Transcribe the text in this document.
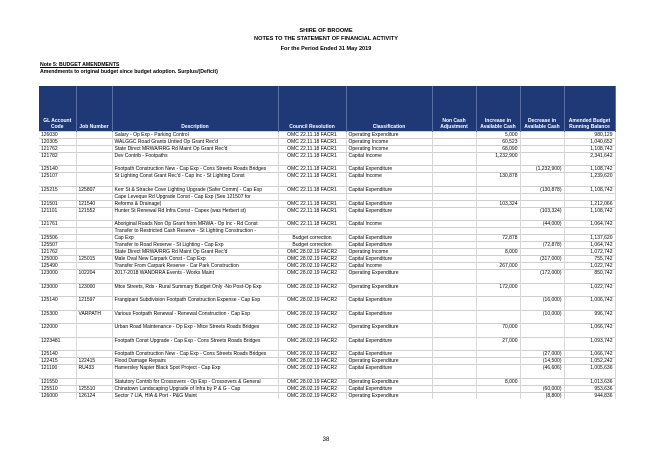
SHIRE OF BROOME
NOTES TO THE STATEMENT OF FINANCIAL ACTIVITY
For the Period Ended 31 May 2019
Note 5: BUDGET AMENDMENTS
Amendments to original budget since budget adoption. Surplus/(Deficit)
GL Account Code	Job Number	Description	Council Resolution	Classification	Non Cash Adjustment	Increase in Available Cash	Decrease in Available Cash	Amended Budget Running Balance
126030		Salary - Op Exp - Parking Control	OMC 22.11.18 FACR1	Operating Expenditure		5,000		980,129
120305		WALGGC Road Grants Untied Op Grant Rec'd	OMC 22.11.18 FACR1	Operating Income		60,523		1,040,652
121762		State Direct MRWA/RRG Rd Maint Op Grant Rec'd	OMC 22.11.18 FACR1	Operating Income		68,090		1,108,742
121782		Dev Contrib - Footpaths	OMC 22.11.18 FACR1	Capital Income		1,232,900		2,341,642

125140		Footpath Construction New - Cap Exp - Cons Streets Roads Bridges	OMC 22.11.18 FACR1	Capital Expenditure			(1,232,900)	1,108,742
125107		St Lighting Const Grant Rec'd - Cap Inc - St Lighting Const	OMC 22.11.18 FACR1	Capital Income		130,878		1,239,620

125215	125807	Kerr St & Stracke Cove Lighting Upgrade (Safer Comm) - Cap Exp	OMC 22.11.18 FACR1	Capital Expenditure			(130,878)	1,108,742
		Cape Leveque Rd Upgrade Const - Cap Exp (See 121507 for						
121501	121540	Reforms & Drainage)	OMC 22.11.18 FACR1	Capital Expenditure		103,324		1,212,066
121101	121552	Hunter St Renewal Rd Infra Const - Capex (was Herbert st)	OMC 22.11.18 FACR1	Capital Expenditure			(103,324)	1,108,742

121761		Aboriginal Roads Non Op Grant from MRWA - Op Inc - Rd Const	OMC 22.11.18 FACR1	Capital Income			(44,000)	1,064,742
		Transfer to Restricted Cash Reserve - St Lighting Construction -						
125506		Cap Exp	Budget correction	Capital Expenditure		72,878		1,137,620
125507		Transfer to Road Reserve - St Lighting - Cap Exp	Budget correction	Capital Expenditure			(72,878)	1,064,742
121762		State Direct MRWA/RRG Rd Maint Op Grant Rec'd	OMC 28.02.19 FACR2	Operating Income		8,000		1,072,742
125000	125015	Male Oval New Carpark Const - Cap Exp	OMC 28.02.19 FACR2	Capital Expenditure			(317,000)	755,742
125490		Transfer From Carpark Reserve - Car Park Construction	OMC 28.02.19 FACR2	Capital Income		267,000		1,022,742
123000	102204	2017-2018 WANDRRA Events - Works Maint	OMC 28.02.19 FACR2	Operating Expenditure			(172,000)	850,742

123000	123000	Mtce Streets, Rds - Rural Summary Budget Only -No Post-Op Exp	OMC 28.02.19 FACR2	Operating Expenditure		172,000		1,022,742

125140	121597	Frangipani Subdivision Footpath Construction Expense - Cap Exp	OMC 28.02.19 FACR2	Capital Expenditure			(16,000)	1,006,742

125300	VARPATH	Various Footpath Renewal - Renewal Construction - Cap Exp	OMC 28.02.19 FACR2	Capital Expenditure			(10,000)	996,742

122000		Urban Road Maintenance - Op Exp - Mtce Streets Roads Bridges	OMC 28.02.19 FACR2	Operating Expenditure		70,000		1,066,742

1223481		Footpath Const Upgrade - Cap Exp - Cons Streets Roads Bridges	OMC 28.02.19 FACR2	Capital Expenditure		27,000		1,093,742

125140		Footpath Construction New - Cap Exp - Cons Streets Roads Bridges	OMC 28.02.19 FACR2	Capital Expenditure			(27,000)	1,066,742
122415	122415	Flood Damage Repairs	OMC 28.02.19 FACR2	Operating Expenditure			(14,500)	1,052,242
121100	RU433	Hamersley Napier Black Spot Project - Cap Exp	OMC 28.02.19 FACR2	Capital Expenditure			(46,606)	1,005,636

121550		Statutory Contrib for Crossovers - Op Exp - Crossovers & General	OMC 28.02.19 FACR2	Operating Expenditure		8,000		1,013,636
125510	125510	Chinatown Landscaping Upgrade of Infra by P & G - Cap	OMC 28.02.19 FACR2	Capital Expenditure			(60,000)	953,636
126000	126124	Sector 7 LIA, HIA & Port - P&G Maint	OMC 28.02.19 FACR2	Operating Expenditure			(8,800)	944,836
38
